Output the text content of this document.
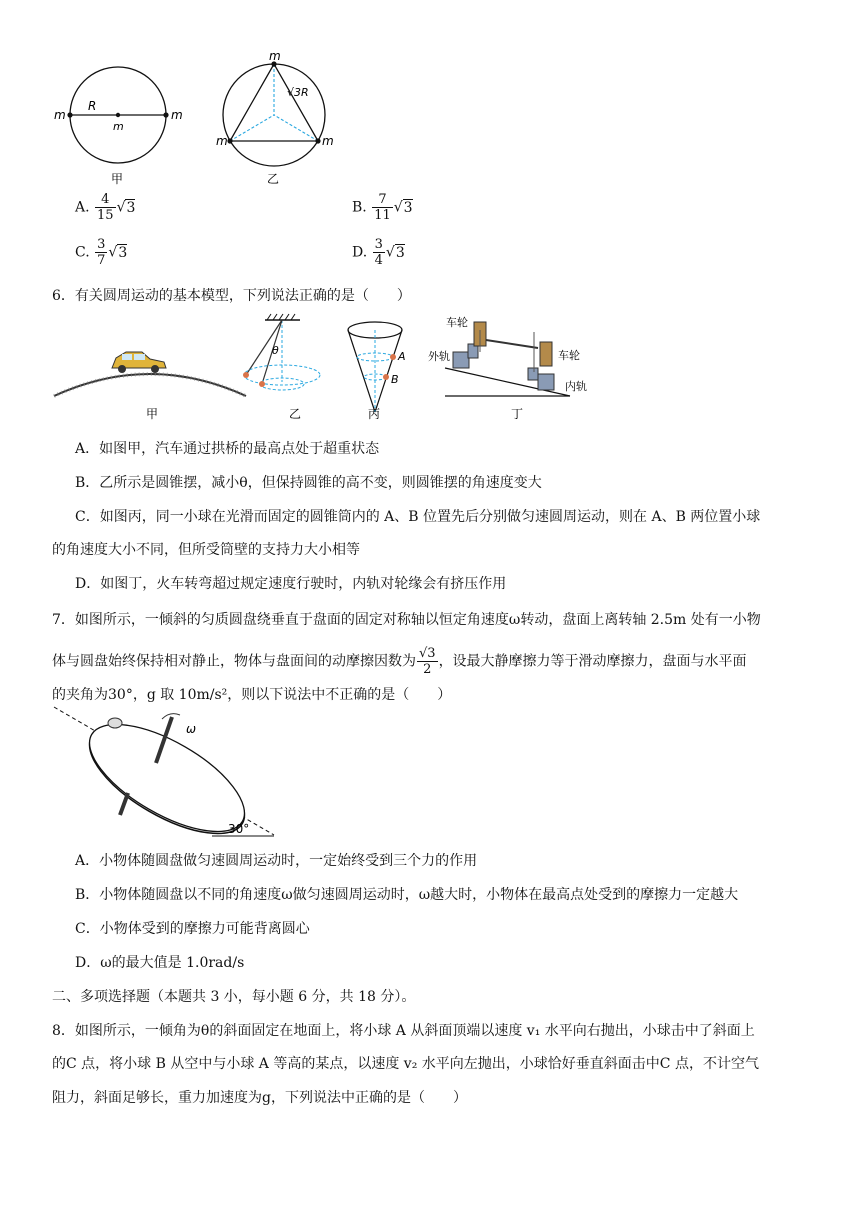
m	m
m
R
甲
m
m	m
√3R
乙
A. $\frac{4}{15} √3$	B. $\frac{7}{11} √3$
C. $\frac{3}{7} √3$	D. $\frac{3}{4} √3$
6．有关圆周运动的基本模型，下列说法正确的是（　　）
甲
θ
乙
A
B
丙
车轮
车轮
外轨
内轨
丁
A．如图甲，汽车通过拱桥的最高点处于超重状态
B．乙所示是圆锥摆，减小θ，但保持圆锥的高不变，则圆锥摆的角速度变大
C．如图丙，同一小球在光滑而固定的圆锥筒内的 A、B 位置先后分别做匀速圆周运动，则在 A、B 两位置小球
的角速度大小不同，但所受筒壁的支持力大小相等
D．如图丁，火车转弯超过规定速度行驶时，内轨对轮缘会有挤压作用
7．如图所示，一倾斜的匀质圆盘绕垂直于盘面的固定对称轴以恒定角速度ω转动，盘面上离转轴 2.5m 处有一小物
体与圆盘始终保持相对静止，物体与盘面间的动摩擦因数为 $\frac{√3}{2}$ ，设最大静摩擦力等于滑动摩擦力，盘面与水平面
的夹角为30°，g 取 10m/s²，则以下说法中不正确的是（　　）
ω
30°
A．小物体随圆盘做匀速圆周运动时，一定始终受到三个力的作用
B．小物体随圆盘以不同的角速度ω做匀速圆周运动时，ω越大时，小物体在最高点处受到的摩擦力一定越大
C．小物体受到的摩擦力可能背离圆心
D．ω的最大值是 1.0rad/s
二、多项选择题（本题共 3 小，每小题 6 分，共 18 分）。
8．如图所示，一倾角为θ的斜面固定在地面上，将小球 A 从斜面顶端以速度 v₁ 水平向右抛出，小球击中了斜面上
的C 点，将小球 B 从空中与小球 A 等高的某点，以速度 v₂ 水平向左抛出，小球恰好垂直斜面击中C 点，不计空气
阻力，斜面足够长，重力加速度为g，下列说法中正确的是（　　）
